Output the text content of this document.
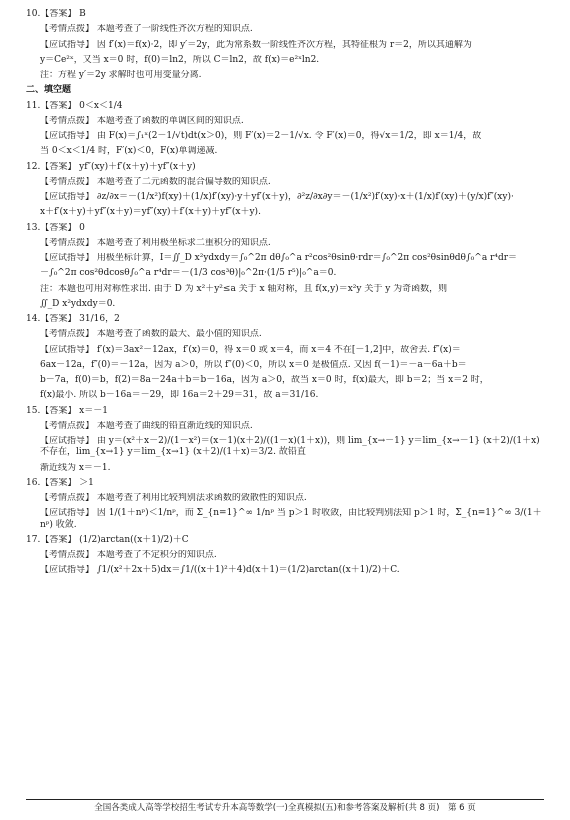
10.【答案】 B
【考情点拨】 本题考查了一阶线性齐次方程的知识点.
【应试指导】 因 f′(x)＝f(x)·2，即 y′＝2y，此为常系数一阶线性齐次方程，其特征根为 r＝2，所以其通解为
y＝Ce²ˣ，又当 x＝0 时，f(0)＝ln2，所以 C＝ln2，故 f(x)＝e²ˣln2.
注：方程 y′＝2y 求解时也可用变量分离.
二、填空题
11.【答案】 0＜x＜1/4
【考情点拨】 本题考查了函数的单调区间的知识点.
【应试指导】 由 F(x)＝∫₁ˣ(2－1/√t)dt(x＞0)，则 F′(x)＝2－1/√x. 令 F′(x)＝0，得√x＝1/2，即 x＝1/4，故
当 0＜x＜1/4 时，F′(x)＜0，F(x)单调递减.
12.【答案】 yf″(xy)＋f′(x＋y)＋yf″(x＋y)
【考情点拨】 本题考查了二元函数的混合偏导数的知识点.
【应试指导】 ∂z/∂x＝－(1/x²)f(xy)＋(1/x)f′(xy)·y＋yf′(x＋y)，∂²z/∂x∂y＝－(1/x²)f′(xy)·x＋(1/x)f′(xy)＋(y/x)f″(xy)·
x＋f′(x＋y)＋yf″(x＋y)＝yf″(xy)＋f′(x＋y)＋yf″(x＋y).
13.【答案】 0
【考情点拨】 本题考查了利用极坐标求二重积分的知识点.
【应试指导】 用极坐标计算，I＝∬_D x²ydxdy＝∫₀^2π dθ∫₀^a r²cos²θsinθ·rdr＝∫₀^2π cos²θsinθdθ∫₀^a r⁴dr＝
－∫₀^2π cos²θdcosθ∫₀^a r⁴dr＝－(1/3 cos³θ)|₀^2π·(1/5 r⁵)|₀^a＝0.
注：本题也可用对称性求出. 由于 D 为 x²＋y²≤a 关于 x 轴对称，且 f(x,y)＝x²y 关于 y 为奇函数，则
∬_D x²ydxdy＝0.
14.【答案】 31/16，2
【考情点拨】 本题考查了函数的最大、最小值的知识点.
【应试指导】 f′(x)＝3ax²－12ax，f′(x)＝0，得 x＝0 或 x＝4，而 x＝4 不在[－1,2]中，故舍去. f″(x)＝
6ax－12a，f″(0)＝－12a，因为 a＞0，所以 f″(0)＜0，所以 x＝0 是极值点. 又因 f(－1)＝－a－6a＋b＝
b－7a，f(0)＝b，f(2)＝8a－24a＋b＝b－16a，因为 a＞0，故当 x＝0 时，f(x)最大，即 b＝2；当 x＝2 时，
f(x)最小. 所以 b－16a＝－29，即 16a＝2＋29＝31，故 a＝31/16.
15.【答案】 x＝－1
【考情点拨】 本题考查了曲线的铅直渐近线的知识点.
【应试指导】 由 y＝(x²＋x－2)/(1－x²)＝(x－1)(x＋2)/((1－x)(1＋x))，则 lim_{x→－1} y＝lim_{x→－1} (x＋2)/(1＋x) 不存在，lim_{x→1} y＝lim_{x→1} (x＋2)/(1＋x)＝3/2. 故铅直
渐近线为 x＝－1.
16.【答案】 ＞1
【考情点拨】 本题考查了利用比较判别法求函数的敛散性的知识点.
【应试指导】 因 1/(1＋nᵖ)＜1/nᵖ，而 Σ_{n=1}^∞ 1/nᵖ 当 p＞1 时收敛，由比较判别法知 p＞1 时，Σ_{n=1}^∞ 3/(1＋nᵖ) 收敛.
17.【答案】 (1/2)arctan((x＋1)/2)＋C
【考情点拨】 本题考查了不定积分的知识点.
【应试指导】 ∫1/(x²＋2x＋5)dx＝∫1/((x＋1)²＋4)d(x＋1)＝(1/2)arctan((x＋1)/2)＋C.
全国各类成人高等学校招生考试专升本高等数学(一)全真模拟(五)和参考答案及解析(共 8 页)　第 6 页
